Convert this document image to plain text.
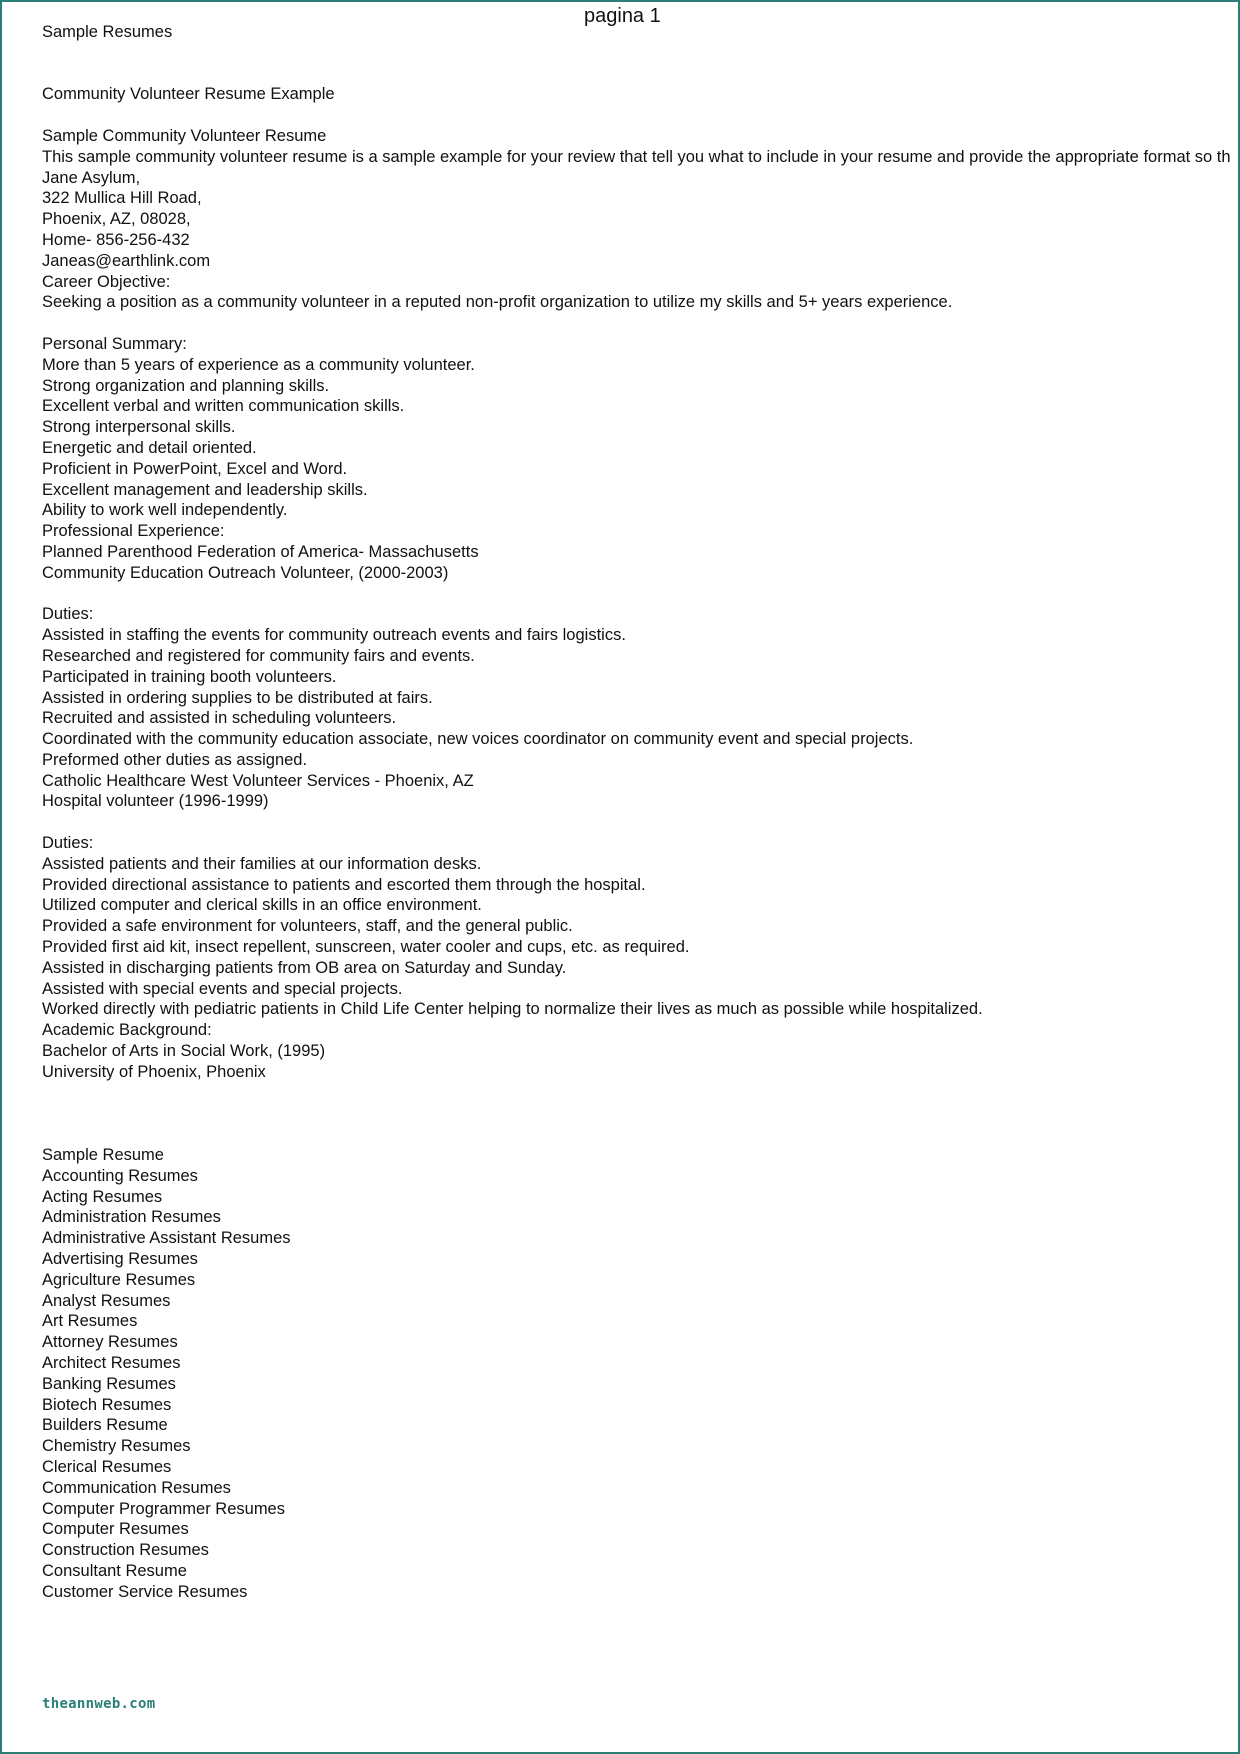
pagina 1
Sample Resumes
Community Volunteer Resume Example
Sample Community Volunteer Resume
This sample community volunteer resume is a sample example for your review that tell you what to include in your resume and provide the appropriate format so th
Jane Asylum,
322 Mullica Hill Road,
Phoenix, AZ, 08028,
Home- 856-256-432
Janeas@earthlink.com
Career Objective:
Seeking a position as a community volunteer in a reputed non-profit organization to utilize my skills and 5+ years experience.
Personal Summary:
More than 5 years of experience as a community volunteer.
Strong organization and planning skills.
Excellent verbal and written communication skills.
Strong interpersonal skills.
Energetic and detail oriented.
Proficient in PowerPoint, Excel and Word.
Excellent management and leadership skills.
Ability to work well independently.
Professional Experience:
Planned Parenthood Federation of America- Massachusetts
Community Education Outreach Volunteer, (2000-2003)
Duties:
Assisted in staffing the events for community outreach events and fairs logistics.
Researched and registered for community fairs and events.
Participated in training booth volunteers.
Assisted in ordering supplies to be distributed at fairs.
Recruited and assisted in scheduling volunteers.
Coordinated with the community education associate, new voices coordinator on community event and special projects.
Preformed other duties as assigned.
Catholic Healthcare West Volunteer Services - Phoenix, AZ
Hospital volunteer (1996-1999)
Duties:
Assisted patients and their families at our information desks.
Provided directional assistance to patients and escorted them through the hospital.
Utilized computer and clerical skills in an office environment.
Provided a safe environment for volunteers, staff, and the general public.
Provided first aid kit, insect repellent, sunscreen, water cooler and cups, etc. as required.
Assisted in discharging patients from OB area on Saturday and Sunday.
Assisted with special events and special projects.
Worked directly with pediatric patients in Child Life Center helping to normalize their lives as much as possible while hospitalized.
Academic Background:
Bachelor of Arts in Social Work, (1995)
University of Phoenix, Phoenix
Sample Resume
Accounting Resumes
Acting Resumes
Administration Resumes
Administrative Assistant Resumes
Advertising Resumes
Agriculture Resumes
Analyst Resumes
Art Resumes
Attorney Resumes
Architect Resumes
Banking Resumes
Biotech Resumes
Builders Resume
Chemistry Resumes
Clerical Resumes
Communication Resumes
Computer Programmer Resumes
Computer Resumes
Construction Resumes
Consultant Resume
Customer Service Resumes
theannweb.com
